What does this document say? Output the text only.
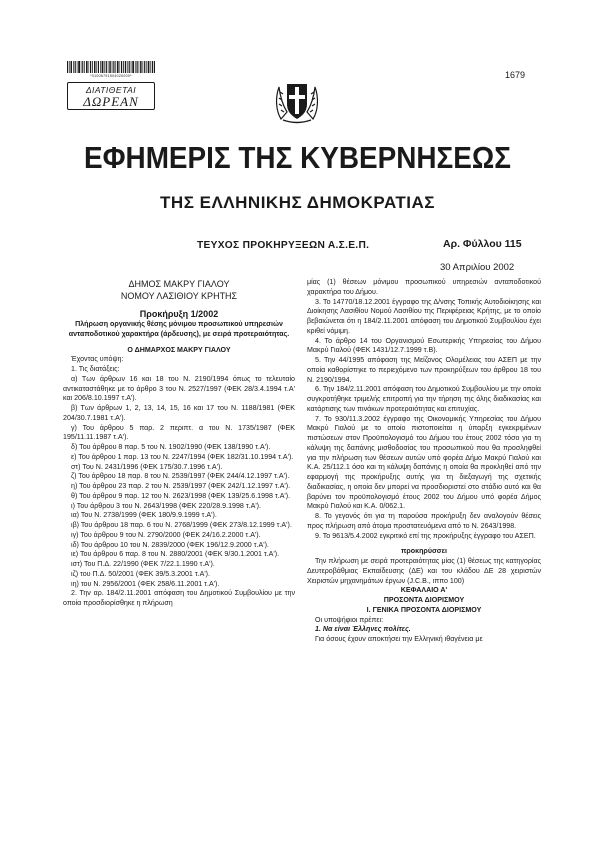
*01006791504020000*
ΔΙΑΤΙΘΕΤΑΙ
ΔΩΡΕΑΝ
1679
ΕΦΗΜΕΡΙΣ ΤΗΣ ΚΥΒΕΡΝΗΣΕΩΣ
ΤΗΣ ΕΛΛΗΝΙΚΗΣ ΔΗΜΟΚΡΑΤΙΑΣ
ΤΕΥΧΟΣ ΠΡΟΚΗΡΥΞΕΩΝ Α.Σ.Ε.Π.	Αρ. Φύλλου 115
30 Απριλίου 2002

ΔΗΜΟΣ ΜΑΚΡΥ ΓΙΑΛΟΥ

ΝΟΜΟΥ ΛΑΣΙΘΙΟΥ ΚΡΗΤΗΣ

Προκήρυξη 1/2002

Πλήρωση οργανικής θέσης μόνιμου προσωπικού υπηρεσιών ανταποδοτικού χαρακτήρα (άρδευσης), με σειρά προτεραιότητας.

Ο ΔΗΜΑΡΧΟΣ ΜΑΚΡΥ ΓΙΑΛΟΥ

Έχοντας υπόψη:

1. Τις διατάξεις:

α) Των άρθρων 16 και 18 του Ν. 2190/1994 όπως το τελευταίο αντικαταστάθηκε με το άρθρο 3 του Ν. 2527/1997 (ΦΕΚ 28/3.4.1994 τ.Α' και 206/8.10.1997 τ.Α').

β) Των άρθρων 1, 2, 13, 14, 15, 16 και 17 του Ν. 1188/1981 (ΦΕΚ 204/30.7.1981 τ.Α').

γ) Του άρθρου 5 παρ. 2 περιπτ. α του Ν. 1735/1987 (ΦΕΚ 195/11.11.1987 τ.Α').

δ) Του άρθρου 8 παρ. 5 του Ν. 1902/1990 (ΦΕΚ 138/1990 τ.Α').

ε) Του άρθρου 1 παρ. 13 του Ν. 2247/1994 (ΦΕΚ 182/31.10.1994 τ.Α').

στ) Του Ν. 2431/1996 (ΦΕΚ 175/30.7.1996 τ.Α').

ζ) Του άρθρου 18 παρ. 8 του Ν. 2539/1997 (ΦΕΚ 244/4.12.1997 τ.Α').

η) Του άρθρου 23 παρ. 2 του Ν. 2539/1997 (ΦΕΚ 242/1.12.1997 τ.Α').

θ) Του άρθρου 9 παρ. 12 του Ν. 2623/1998 (ΦΕΚ 139/25.6.1998 τ.Α').

ι) Του άρθρου 3 του Ν. 2643/1998 (ΦΕΚ 220/28.9.1998 τ.Α').

ια) Του Ν. 2738/1999 (ΦΕΚ 180/9.9.1999 τ.Α').

ιβ) Του άρθρου 18 παρ. 6 του Ν. 2768/1999 (ΦΕΚ 273/8.12.1999 τ.Α').

ιγ) Του άρθρου 9 του Ν. 2790/2000 (ΦΕΚ 24/16.2.2000 τ.Α').

ιδ) Του άρθρου 10 του Ν. 2839/2000 (ΦΕΚ 196/12.9.2000 τ.Α').

ιε) Του άρθρου 6 παρ. 8 του Ν. 2880/2001 (ΦΕΚ 9/30.1.2001 τ.Α').

ιστ) Του Π.Δ. 22/1990 (ΦΕΚ 7/22.1.1990 τ.Α').

ιζ) του Π.Δ. 50/2001 (ΦΕΚ 39/5.3.2001 τ.Α').

ιη) του Ν. 2956/2001 (ΦΕΚ 258/6.11.2001 τ.Α').

2. Την αρ. 184/2.11.2001 απόφαση του Δημοτικού Συμβουλίου με την οποία προσδιορίσθηκε η πλήρωση

μίας (1) θέσεων μόνιμου προσωπικού υπηρεσιών ανταποδοτικού χαρακτήρα του Δήμου.

3. Το 14770/18.12.2001 έγγραφο της Δ/νσης Τοπικής Αυτοδιοίκησης και Διοίκησης Λασιθίου Νομού Λασιθίου της Περιφέρειας Κρήτης, με το οποίο βεβαιώνεται ότι η 184/2.11.2001 απόφαση του Δημοτικού Συμβουλίου έχει κριθεί νόμιμη.

4. Το άρθρο 14 του Οργανισμού Εσωτερικής Υπηρεσίας του Δήμου Μακρύ Γιαλού (ΦΕΚ 1431/12.7.1999 τ.Β).

5. Την 44/1995 απόφαση της Μείζονος Ολομέλειας του ΑΣΕΠ με την οποία καθορίστηκε το περιεχόμενο των προκηρύξεων του άρθρου 18 του Ν. 2190/1994.

6. Την 184/2.11.2001 απόφαση του Δημοτικού Συμβουλίου με την οποία συγκροτήθηκε τριμελής επιτροπή για την τήρηση της όλης διαδικασίας και κατάρτισης των πινάκων προτεραιότητας και επιτυχίας.

7. Το 930/11.3.2002 έγγραφο της Οικονομικής Υπηρεσίας του Δήμου Μακρύ Γιαλού με το οποίο πιστοποιείται η ύπαρξη εγκεκριμένων πιστώσεων στον Προϋπολογισμό του Δήμου του έτους 2002 τόσο για τη κάλυψη της δαπάνης μισθοδοσίας του προσωπικού που θα προσληφθεί για την πλήρωση των θέσεων αυτών υπό φορέα Δήμο Μακρύ Γιαλού και Κ.Α. 25/112.1 όσο και τη κάλυψη δαπάνης η οποία θα προκληθεί από την εφαρμογή της προκήρυξης αυτής για τη διεξαγωγή της σχετικής διαδικασίας, η οποία δεν μπορεί να προσδιοριστεί στο στάδιο αυτό και θα βαρύνει τον προϋπολογισμό έτους 2002 του Δήμου υπό φορέα Δήμος Μακρύ Γιαλού και Κ.Α. 0/062.1.

8. Το γεγονός ότι για τη παρούσα προκήρυξη δεν αναλογούν θέσεις προς πλήρωση από άτομα προστατευόμενα από το Ν. 2643/1998.

9. Το 9613/5.4.2002 εγκριτικό επί της προκήρυξης έγγραφο του ΑΣΕΠ.

προκηρύσσει

Την πλήρωση με σειρά προτεραιότητας μίας (1) θέσεως της κατηγορίας Δευτεροβάθμιας Εκπαίδευσης (ΔΕ) και του κλάδου ΔΕ 28 χειριστών Χειριστών μηχανημάτων έργων (J.C.B., ιππο 100)

ΚΕΦΑΛΑΙΟ Α'

ΠΡΟΣΟΝΤΑ ΔΙΟΡΙΣΜΟΥ

Ι. ΓΕΝΙΚΑ ΠΡΟΣΟΝΤΑ ΔΙΟΡΙΣΜΟΥ

Οι υποψήφιοι πρέπει:

1. Να είναι Έλληνες πολίτες.

Για όσους έχουν αποκτήσει την Ελληνική ιθαγένεια με
